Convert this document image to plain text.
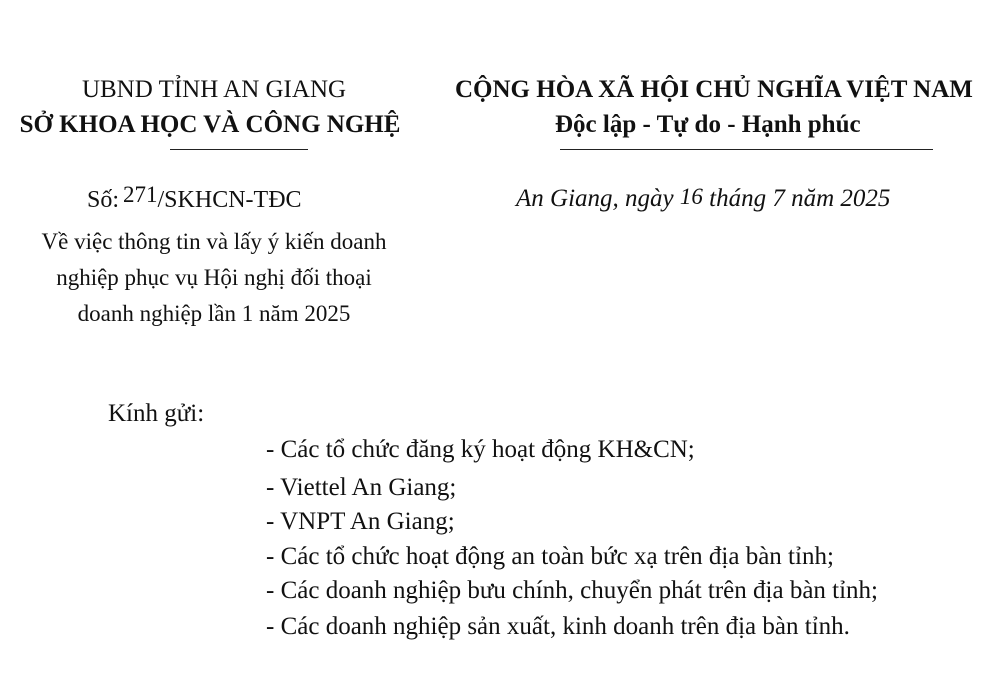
UBND TỈNH AN GIANG
SỞ KHOA HỌC VÀ CÔNG NGHỆ
CỘNG HÒA XÃ HỘI CHỦ NGHĨA VIỆT NAM
Độc lập - Tự do - Hạnh phúc
Số: 271/SKHCN-TĐC	An Giang, ngày 16 tháng 7 năm 2025
Về việc thông tin và lấy ý kiến doanh
nghiệp phục vụ Hội nghị đối thoại
doanh nghiệp lần 1 năm 2025
Kính gửi:
- Các tổ chức đăng ký hoạt động KH&CN;
- Viettel An Giang;
- VNPT An Giang;
- Các tổ chức hoạt động an toàn bức xạ trên địa bàn tỉnh;
- Các doanh nghiệp bưu chính, chuyển phát trên địa bàn tỉnh;
- Các doanh nghiệp sản xuất, kinh doanh trên địa bàn tỉnh.
